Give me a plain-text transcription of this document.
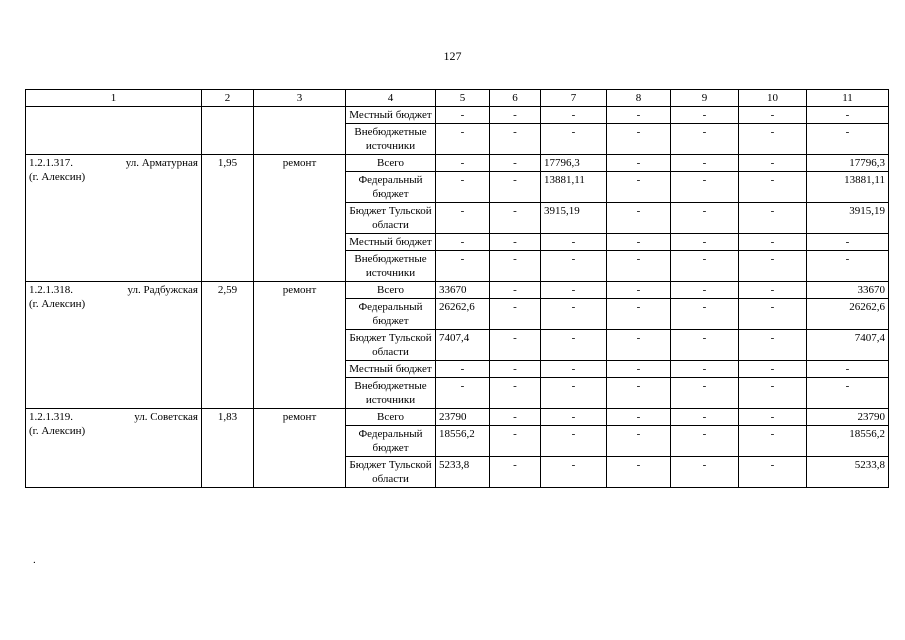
127
1	2	3	4	5	6	7	8	9	10	11
			Местный бюджет	-	-	-	-	-	-	-
			Внебюджетные источники	-	-	-	-	-	-	-

1.2.1.317. ул. Арматурная
(г. Алексин)	1,95	ремонт	Всего	-	-	17796,3	-	-	-	17796,3
			Федеральный бюджет	-	-	13881,11	-	-	-	13881,11
			Бюджет Тульской области	-	-	3915,19	-	-	-	3915,19
			Местный бюджет	-	-	-	-	-	-	-
			Внебюджетные источники	-	-	-	-	-	-	-

1.2.1.318. ул. Радбужская
(г. Алексин)	2,59	ремонт	Всего	33670	-	-	-	-	-	33670
			Федеральный бюджет	26262,6	-	-	-	-	-	26262,6
			Бюджет Тульской области	7407,4	-	-	-	-	-	7407,4
			Местный бюджет	-	-	-	-	-	-	-
			Внебюджетные источники	-	-	-	-	-	-	-

1.2.1.319. ул. Советская
(г. Алексин)	1,83	ремонт	Всего	23790	-	-	-	-	-	23790
			Федеральный бюджет	18556,2	-	-	-	-	-	18556,2
			Бюджет Тульской области	5233,8	-	-	-	-	-	5233,8
.
